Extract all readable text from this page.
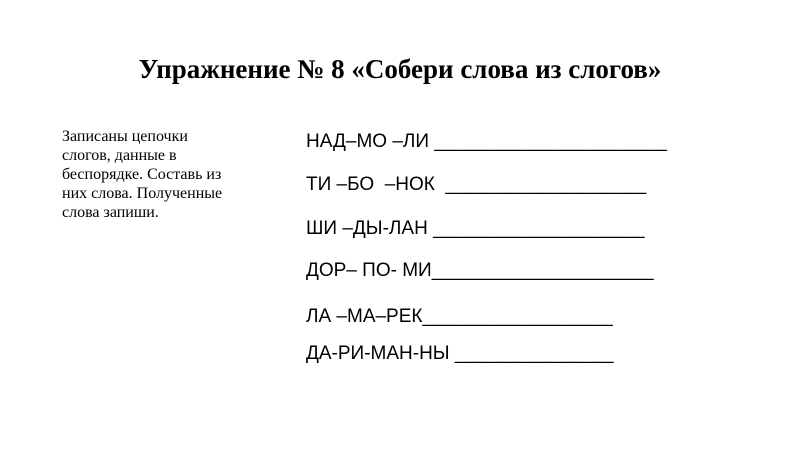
Упражнение № 8 «Собери слова из слогов»
Записаны цепочки
слогов, данные в
беспорядке. Составь из
них слова. Полученные
слова запиши.
НАД–МО –ЛИ ______________________
ТИ –БО  –НОК  ___________________
ШИ –ДЫ-ЛАН ____________________
ДОР– ПО- МИ_____________________
ЛА –МА–РЕК__________________
ДА-РИ-МАН-НЫ _______________
